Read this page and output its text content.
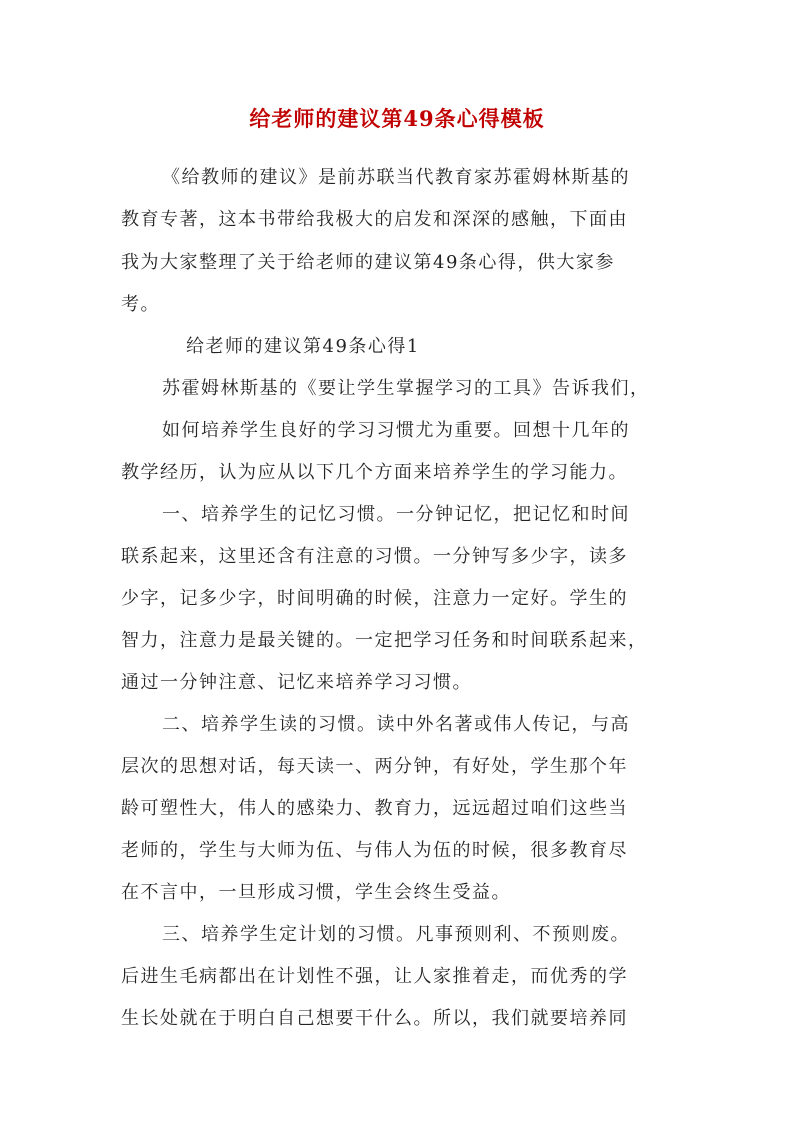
给老师的建议第49条心得模板
《给教师的建议》是前苏联当代教育家苏霍姆林斯基的
教育专著，这本书带给我极大的启发和深深的感触，下面由
我为大家整理了关于给老师的建议第49条心得，供大家参
考。
给老师的建议第49条心得1
苏霍姆林斯基的《要让学生掌握学习的工具》告诉我们，
如何培养学生良好的学习习惯尤为重要。回想十几年的
教学经历，认为应从以下几个方面来培养学生的学习能力。
一、培养学生的记忆习惯。一分钟记忆，把记忆和时间
联系起来，这里还含有注意的习惯。一分钟写多少字，读多
少字，记多少字，时间明确的时候，注意力一定好。学生的
智力，注意力是最关键的。一定把学习任务和时间联系起来，
通过一分钟注意、记忆来培养学习习惯。
二、培养学生读的习惯。读中外名著或伟人传记，与高
层次的思想对话，每天读一、两分钟，有好处，学生那个年
龄可塑性大，伟人的感染力、教育力，远远超过咱们这些当
老师的，学生与大师为伍、与伟人为伍的时候，很多教育尽
在不言中，一旦形成习惯，学生会终生受益。
三、培养学生定计划的习惯。凡事预则利、不预则废。
后进生毛病都出在计划性不强，让人家推着走，而优秀的学
生长处就在于明白自己想要干什么。所以，我们就要培养同
